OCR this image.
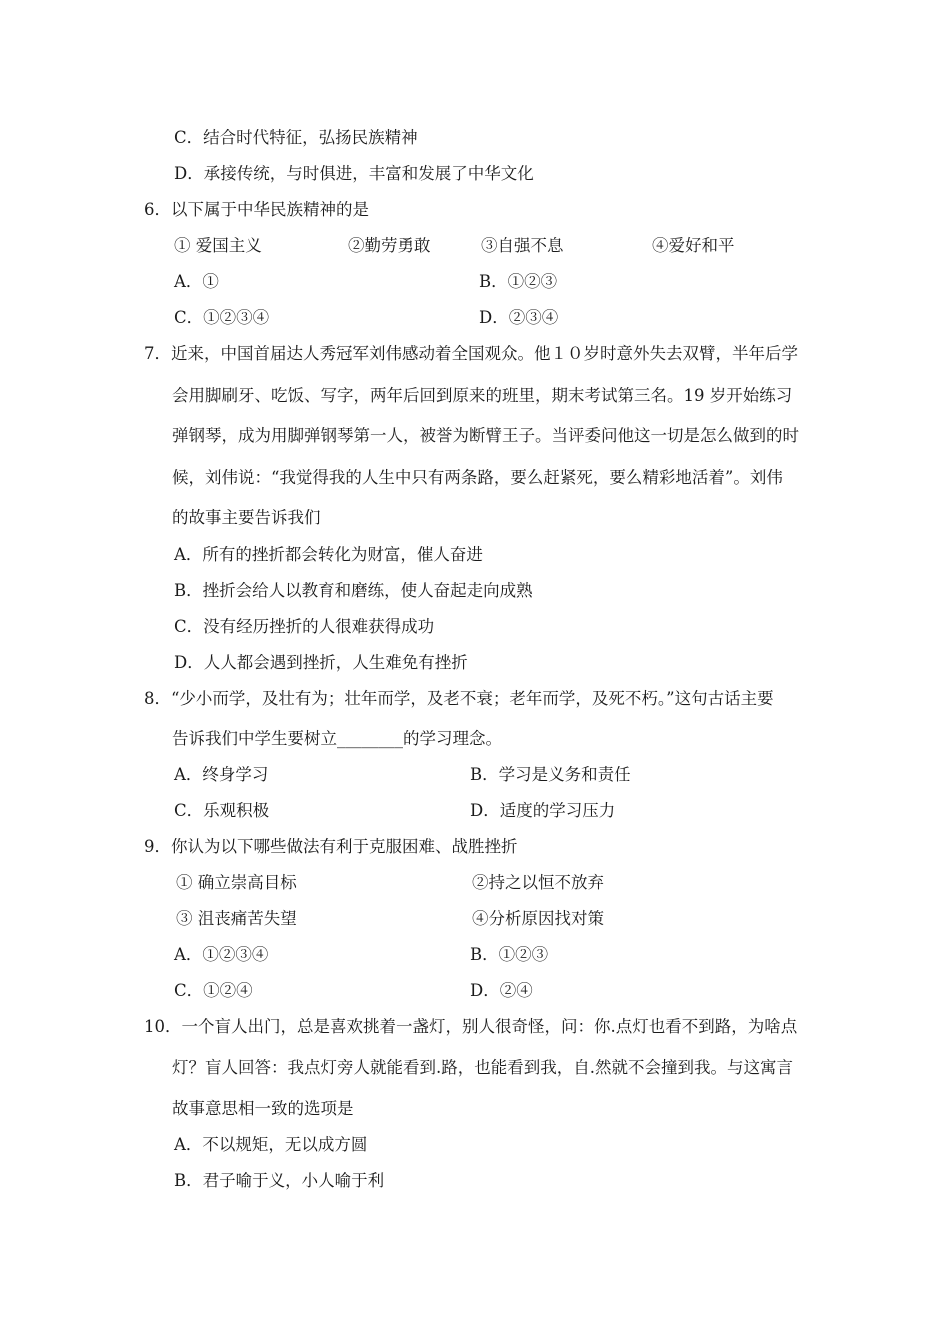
C．结合时代特征，弘扬民族精神
D．承接传统，与时俱进，丰富和发展了中华文化
6．以下属于中华民族精神的是
① 爱国主义	②勤劳勇敢	③自强不息	④爱好和平
A．①	B．①②③
C．①②③④	D．②③④
7．近来，中国首届达人秀冠军刘伟感动着全国观众。他１０岁时意外失去双臂，半年后学
会用脚刷牙、吃饭、写字，两年后回到原来的班里，期末考试第三名。19 岁开始练习
弹钢琴，成为用脚弹钢琴第一人，被誉为断臂王子。当评委问他这一切是怎么做到的时
候，刘伟说：“我觉得我的人生中只有两条路，要么赶紧死，要么精彩地活着”。刘伟
的故事主要告诉我们
A．所有的挫折都会转化为财富，催人奋进
B．挫折会给人以教育和磨练，使人奋起走向成熟
C．没有经历挫折的人很难获得成功
D．人人都会遇到挫折，人生难免有挫折
8．“少小而学，及壮有为；壮年而学，及老不衰；老年而学，及死不朽。”这句古话主要
告诉我们中学生要树立________的学习理念。
A．终身学习	B．学习是义务和责任
C．乐观积极	D．适度的学习压力
9．你认为以下哪些做法有利于克服困难、战胜挫折
① 确立崇高目标	②持之以恒不放弃
③ 沮丧痛苦失望	④分析原因找对策
A．①②③④	B．①②③
C．①②④	D．②④
10．一个盲人出门，总是喜欢挑着一盏灯，别人很奇怪，问：你.点灯也看不到路，为啥点
灯？盲人回答：我点灯旁人就能看到.路，也能看到我，自.然就不会撞到我。与这寓言
故事意思相一致的选项是
A．不以规矩，无以成方圆
B．君子喻于义，小人喻于利
